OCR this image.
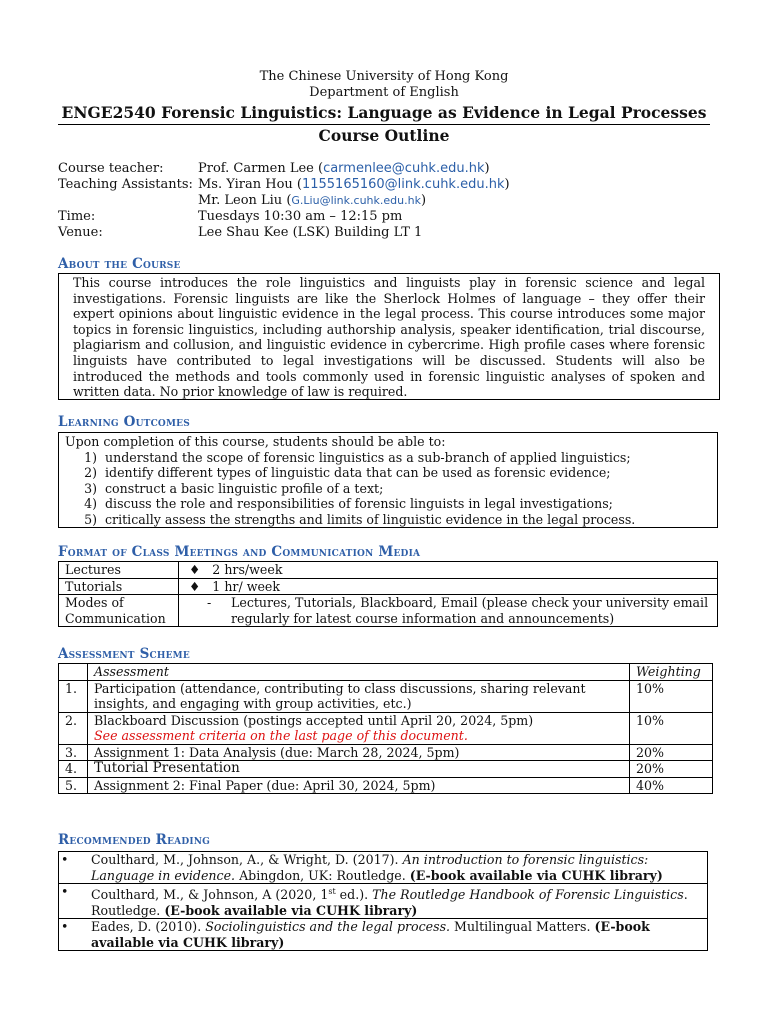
The Chinese University of Hong Kong
Department of English
ENGE2540 Forensic Linguistics: Language as Evidence in Legal Processes
Course Outline
Course teacher:	Prof. Carmen Lee (carmenlee@cuhk.edu.hk)
Teaching Assistants: Ms. Yiran Hou (1155165160@link.cuhk.edu.hk)
Mr. Leon Liu (G.Liu@link.cuhk.edu.hk)
Time:	Tuesdays 10:30 am – 12:15 pm
Venue:	Lee Shau Kee (LSK) Building LT 1
About the Course
This course introduces the role linguistics and linguists play in forensic science and legal investigations. Forensic linguists are like the Sherlock Holmes of language – they offer their expert opinions about linguistic evidence in the legal process. This course introduces some major topics in forensic linguistics, including authorship analysis, speaker identification, trial discourse, plagiarism and collusion, and linguistic evidence in cybercrime. High profile cases where forensic linguists have contributed to legal investigations will be discussed. Students will also be introduced the methods and tools commonly used in forensic linguistic analyses of spoken and written data. No prior knowledge of law is required.
Learning Outcomes
Upon completion of this course, students should be able to:
1) understand the scope of forensic linguistics as a sub-branch of applied linguistics;
2) identify different types of linguistic data that can be used as forensic evidence;
3) construct a basic linguistic profile of a text;
4) discuss the role and responsibilities of forensic linguists in legal investigations;
5) critically assess the strengths and limits of linguistic evidence in the legal process.
Format of Class Meetings and Communication Media
Lectures	♦ 2 hrs/week
Tutorials	♦ 1 hr/ week
Modes of Communication	- Lectures, Tutorials, Blackboard, Email (please check your university email regularly for latest course information and announcements)
Assessment Scheme
	Assessment	Weighting
1.	Participation (attendance, contributing to class discussions, sharing relevant insights, and engaging with group activities, etc.)	10%
2.	Blackboard Discussion (postings accepted until April 20, 2024, 5pm)
See assessment criteria on the last page of this document.	10%
3.	Assignment 1: Data Analysis (due: March 28, 2024, 5pm)	20%
4.	Tutorial Presentation	20%
5.	Assignment 2: Final Paper (due: April 30, 2024, 5pm)	40%
Recommended Reading
•	Coulthard, M., Johnson, A., & Wright, D. (2017). An introduction to forensic linguistics: Language in evidence. Abingdon, UK: Routledge. (E-book available via CUHK library)
•	Coulthard, M., & Johnson, A (2020, 1st ed.). The Routledge Handbook of Forensic Linguistics. Routledge. (E-book available via CUHK library)
•	Eades, D. (2010). Sociolinguistics and the legal process. Multilingual Matters. (E-book available via CUHK library)
